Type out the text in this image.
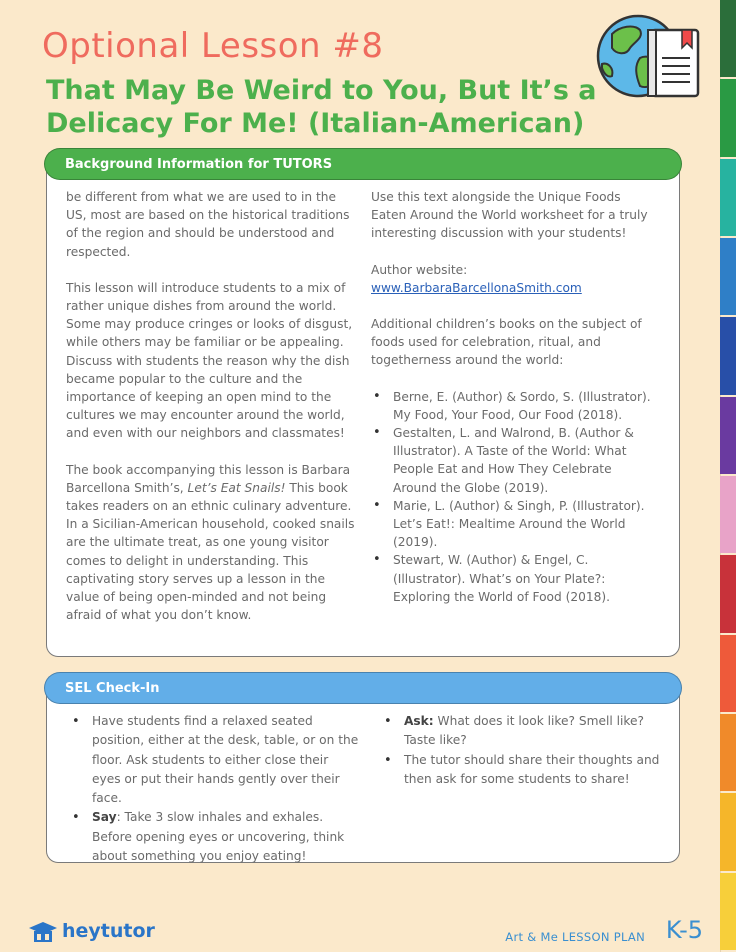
Optional Lesson #8
That May Be Weird to You, But It’s a
Delicacy For Me! (Italian-American)
Background Information for TUTORS

be different from what we are used to in the US, most are based on the historical traditions of the region and should be understood and respected.

This lesson will introduce students to a mix of rather unique dishes from around the world. Some may produce cringes or looks of disgust, while others may be familiar or be appealing. Discuss with students the reason why the dish became popular to the culture and the importance of keeping an open mind to the cultures we may encounter around the world, and even with our neighbors and classmates!

The book accompanying this lesson is Barbara Barcellona Smith’s, Let’s Eat Snails! This book takes readers on an ethnic culinary adventure. In a Sicilian-American household, cooked snails are the ultimate treat, as one young visitor comes to delight in understanding. This captivating story serves up a lesson in the value of being open-minded and not being afraid of what you don’t know.

Use this text alongside the Unique Foods Eaten Around the World worksheet for a truly interesting discussion with your students!

Author website:
www.BarbaraBarcellonaSmith.com

Additional children’s books on the subject of foods used for celebration, ritual, and togetherness around the world:

• Berne, E. (Author) & Sordo, S. (Illustrator). My Food, Your Food, Our Food (2018).
• Gestalten, L. and Walrond, B. (Author & Illustrator). A Taste of the World: What People Eat and How They Celebrate Around the Globe (2019).
• Marie, L. (Author) & Singh, P. (Illustrator). Let’s Eat!: Mealtime Around the World (2019).
• Stewart, W. (Author) & Engel, C. (Illustrator). What’s on Your Plate?: Exploring the World of Food (2018).
SEL Check-In
• Have students find a relaxed seated position, either at the desk, table, or on the floor. Ask students to either close their eyes or put their hands gently over their face.
• Say: Take 3 slow inhales and exhales. Before opening eyes or uncovering, think about something you enjoy eating!
• Ask: What does it look like? Smell like? Taste like?
• The tutor should share their thoughts and then ask for some students to share!
heytutor	Art & Me LESSON PLAN K-5
